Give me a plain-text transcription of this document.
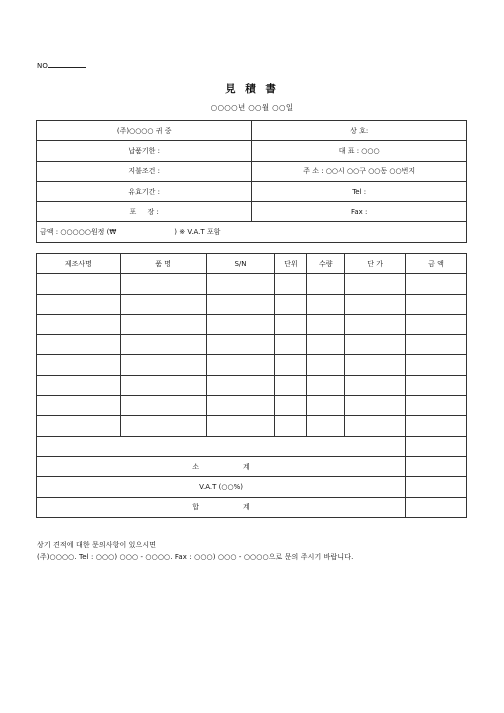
NO
見 積 書
○○○○년 ○○월 ○○일
(주)○○○○ 귀 중	상 호:
납품기한 :	대 표 : ○○○
지불조건 :	주 소 : ○○시 ○○구 ○○동 ○○번지
유효기간 :	Tel :
포 장 :	Fax :
금액 : ○○○○○원정 (₩ ) ※ V.A.T 포함	
제조사명	품 명	S/N	단위	수량	단 가	금 액

소 계						
V.A.T (○○%)						
합 계						
상기 견적에 대한 문의사항이 있으시면
(주)○○○○. Tel : ○○○) ○○○ - ○○○○. Fax : ○○○) ○○○ - ○○○○으로 문의 주시기 바랍니다.
